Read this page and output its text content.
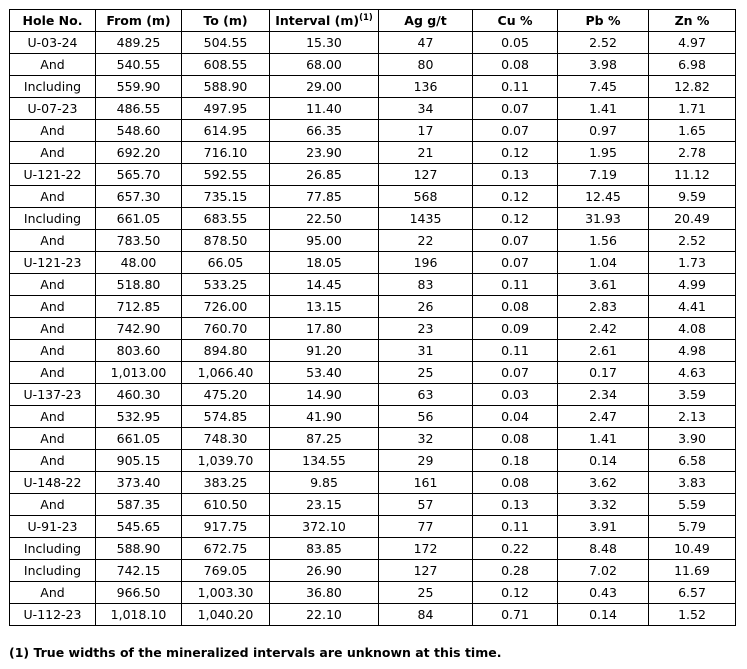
Hole No.	From (m)	To (m)	Interval $(m)^{(1)}$	Ag g/t	Cu %	Pb %	Zn %
U-03-24	489.25	504.55	15.30	47	0.05	2.52	4.97
And	540.55	608.55	68.00	80	0.08	3.98	6.98
Including	559.90	588.90	29.00	136	0.11	7.45	12.82
U-07-23	486.55	497.95	11.40	34	0.07	1.41	1.71
And	548.60	614.95	66.35	17	0.07	0.97	1.65
And	692.20	716.10	23.90	21	0.12	1.95	2.78
U-121-22	565.70	592.55	26.85	127	0.13	7.19	11.12
And	657.30	735.15	77.85	568	0.12	12.45	9.59
Including	661.05	683.55	22.50	1435	0.12	31.93	20.49
And	783.50	878.50	95.00	22	0.07	1.56	2.52
U-121-23	48.00	66.05	18.05	196	0.07	1.04	1.73
And	518.80	533.25	14.45	83	0.11	3.61	4.99
And	712.85	726.00	13.15	26	0.08	2.83	4.41
And	742.90	760.70	17.80	23	0.09	2.42	4.08
And	803.60	894.80	91.20	31	0.11	2.61	4.98
And	1,013.00	1,066.40	53.40	25	0.07	0.17	4.63
U-137-23	460.30	475.20	14.90	63	0.03	2.34	3.59
And	532.95	574.85	41.90	56	0.04	2.47	2.13
And	661.05	748.30	87.25	32	0.08	1.41	3.90
And	905.15	1,039.70	134.55	29	0.18	0.14	6.58
U-148-22	373.40	383.25	9.85	161	0.08	3.62	3.83
And	587.35	610.50	23.15	57	0.13	3.32	5.59
U-91-23	545.65	917.75	372.10	77	0.11	3.91	5.79
Including	588.90	672.75	83.85	172	0.22	8.48	10.49
Including	742.15	769.05	26.90	127	0.28	7.02	11.69
And	966.50	1,003.30	36.80	25	0.12	0.43	6.57
U-112-23	1,018.10	1,040.20	22.10	84	0.71	0.14	1.52
(1) True widths of the mineralized intervals are unknown at this time.
